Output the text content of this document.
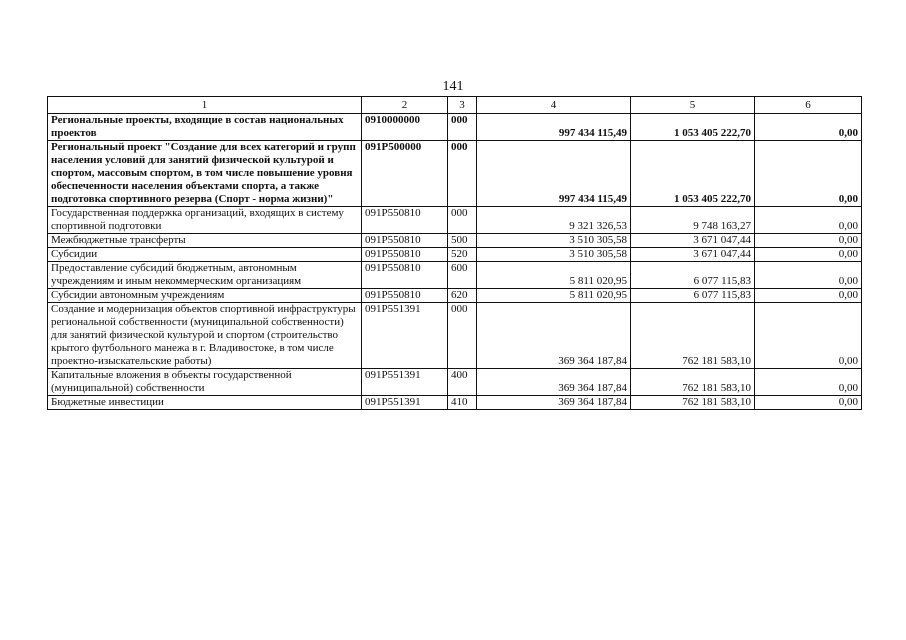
141
1	2	3	4	5	6
Региональные проекты, входящие в состав национальных проектов	0910000000	000	997 434 115,49	1 053 405 222,70	0,00
Региональный проект "Создание для всех категорий и групп населения условий для занятий физической культурой и спортом, массовым спортом, в том числе повышение уровня обеспеченности населения объектами спорта, а также подготовка спортивного резерва (Спорт - норма жизни)"	091P500000	000	997 434 115,49	1 053 405 222,70	0,00
Государственная поддержка организаций, входящих в систему спортивной подготовки	091P550810	000	9 321 326,53	9 748 163,27	0,00
Межбюджетные трансферты	091P550810	500	3 510 305,58	3 671 047,44	0,00
Субсидии	091P550810	520	3 510 305,58	3 671 047,44	0,00
Предоставление субсидий бюджетным, автономным учреждениям и иным некоммерческим организациям	091P550810	600	5 811 020,95	6 077 115,83	0,00
Субсидии автономным учреждениям	091P550810	620	5 811 020,95	6 077 115,83	0,00
Создание и модернизация объектов спортивной инфраструктуры региональной собственности (муниципальной собственности) для занятий физической культурой и спортом (строительство крытого футбольного манежа в г. Владивостоке, в том числе проектно-изыскательские работы)	091P551391	000	369 364 187,84	762 181 583,10	0,00
Капитальные вложения в объекты государственной (муниципальной) собственности	091P551391	400	369 364 187,84	762 181 583,10	0,00
Бюджетные инвестиции	091P551391	410	369 364 187,84	762 181 583,10	0,00
